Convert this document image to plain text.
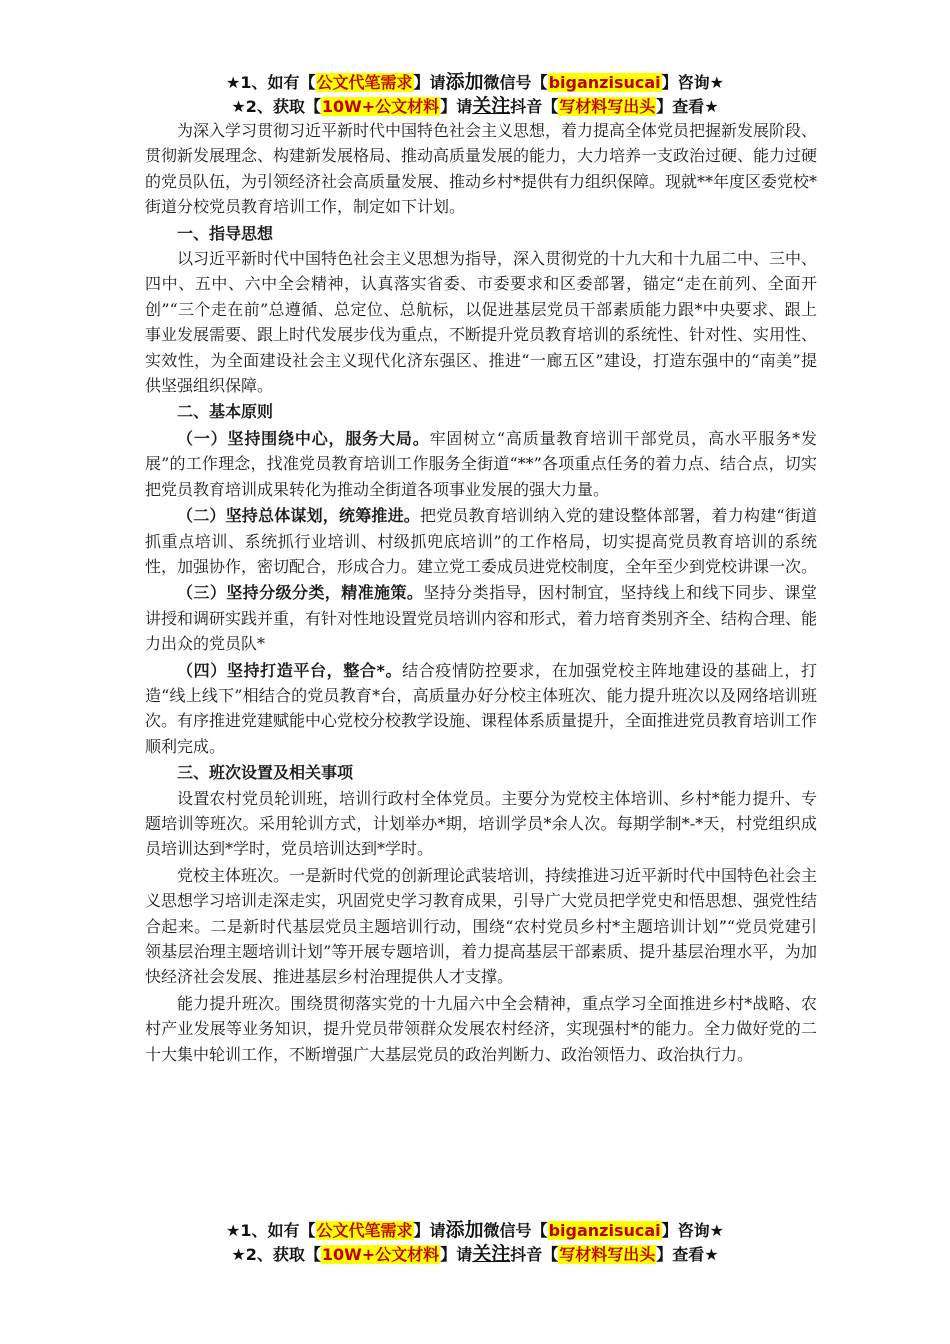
★1、如有【公文代笔需求】请添加微信号【biganzisucai】咨询★
★2、获取【10W+公文材料】请关注抖音【写材料写出头】查看★

为深入学习贯彻习近平新时代中国特色社会主义思想，着力提高全体党员把握新发展阶段、贯彻新发展理念、构建新发展格局、推动高质量发展的能力，大力培养一支政治过硬、能力过硬的党员队伍，为引领经济社会高质量发展、推动乡村*提供有力组织保障。现就**年度区委党校*街道分校党员教育培训工作，制定如下计划。

一、指导思想

以习近平新时代中国特色社会主义思想为指导，深入贯彻党的十九大和十九届二中、三中、四中、五中、六中全会精神，认真落实省委、市委要求和区委部署，锚定“走在前列、全面开创”“三个走在前”总遵循、总定位、总航标，以促进基层党员干部素质能力跟*中央要求、跟上事业发展需要、跟上时代发展步伐为重点，不断提升党员教育培训的系统性、针对性、实用性、实效性，为全面建设社会主义现代化济东强区、推进“一廊五区”建设，打造东强中的“南美”提供坚强组织保障。

二、基本原则

（一）坚持围绕中心，服务大局。牢固树立“高质量教育培训干部党员，高水平服务*发展”的工作理念，找准党员教育培训工作服务全街道“**”各项重点任务的着力点、结合点，切实把党员教育培训成果转化为推动全街道各项事业发展的强大力量。

（二）坚持总体谋划，统筹推进。把党员教育培训纳入党的建设整体部署，着力构建“街道抓重点培训、系统抓行业培训、村级抓兜底培训”的工作格局，切实提高党员教育培训的系统性，加强协作，密切配合，形成合力。建立党工委成员进党校制度，全年至少到党校讲课一次。

（三）坚持分级分类，精准施策。坚持分类指导，因村制宜，坚持线上和线下同步、课堂讲授和调研实践并重，有针对性地设置党员培训内容和形式，着力培育类别齐全、结构合理、能力出众的党员队*

（四）坚持打造平台，整合*。结合疫情防控要求，在加强党校主阵地建设的基础上，打造“线上线下”相结合的党员教育*台，高质量办好分校主体班次、能力提升班次以及网络培训班次。有序推进党建赋能中心党校分校教学设施、课程体系质量提升，全面推进党员教育培训工作顺利完成。

三、班次设置及相关事项

设置农村党员轮训班，培训行政村全体党员。主要分为党校主体培训、乡村*能力提升、专题培训等班次。采用轮训方式，计划举办*期，培训学员*余人次。每期学制*-*天，村党组织成员培训达到*学时，党员培训达到*学时。

党校主体班次。一是新时代党的创新理论武装培训，持续推进习近平新时代中国特色社会主义思想学习培训走深走实，巩固党史学习教育成果，引导广大党员把学党史和悟思想、强党性结合起来。二是新时代基层党员主题培训行动，围绕“农村党员乡村*主题培训计划”“党员党建引领基层治理主题培训计划”等开展专题培训，着力提高基层干部素质、提升基层治理水平，为加快经济社会发展、推进基层乡村治理提供人才支撑。

能力提升班次。围绕贯彻落实党的十九届六中全会精神，重点学习全面推进乡村*战略、农村产业发展等业务知识，提升党员带领群众发展农村经济，实现强村*的能力。全力做好党的二十大集中轮训工作，不断增强广大基层党员的政治判断力、政治领悟力、政治执行力。

★1、如有【公文代笔需求】请添加微信号【biganzisucai】咨询★
★2、获取【10W+公文材料】请关注抖音【写材料写出头】查看★
